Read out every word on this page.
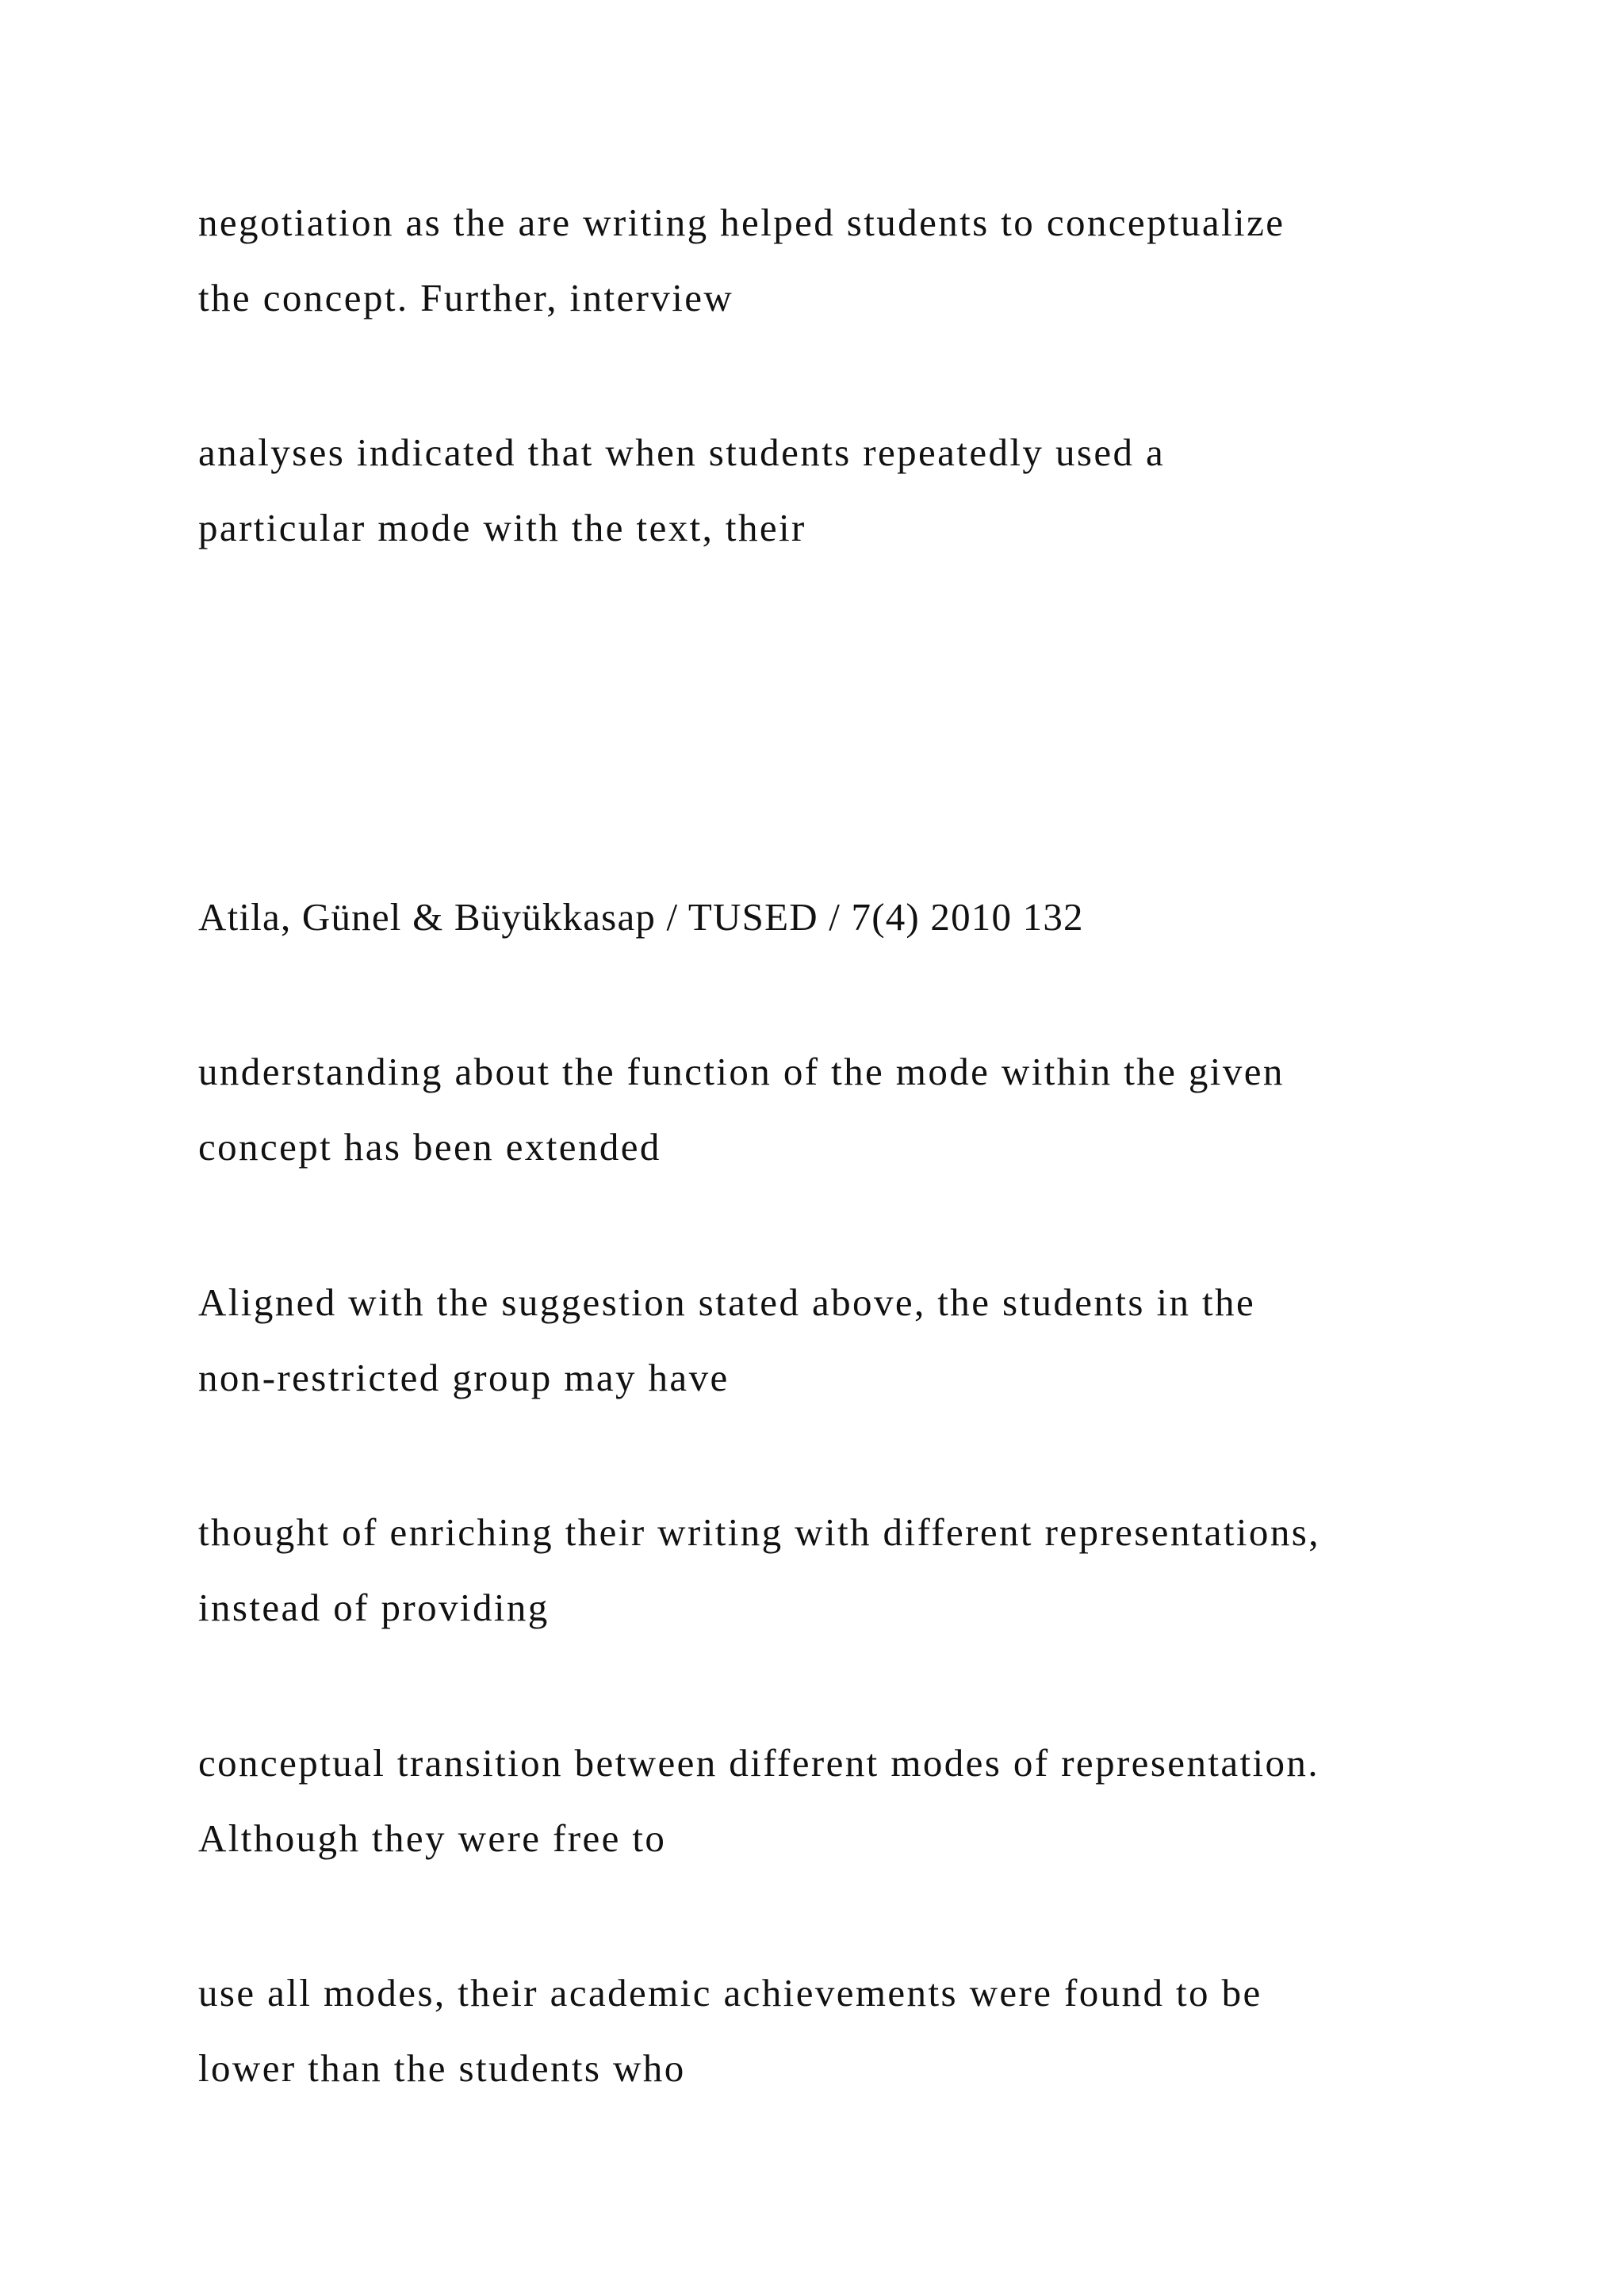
negotiation as the are writing helped students to conceptualize

the concept. Further, interview

analyses indicated that when students repeatedly used a

particular mode with the text, their

Atila, Günel & Büyükkasap / TUSED / 7(4) 2010 132

understanding about the function of the mode within the given

concept has been extended

Aligned with the suggestion stated above, the students in the

non-restricted group may have

thought of enriching their writing with different representations,

instead of providing

conceptual transition between different modes of representation.

Although they were free to

use all modes, their academic achievements were found to be

lower than the students who
